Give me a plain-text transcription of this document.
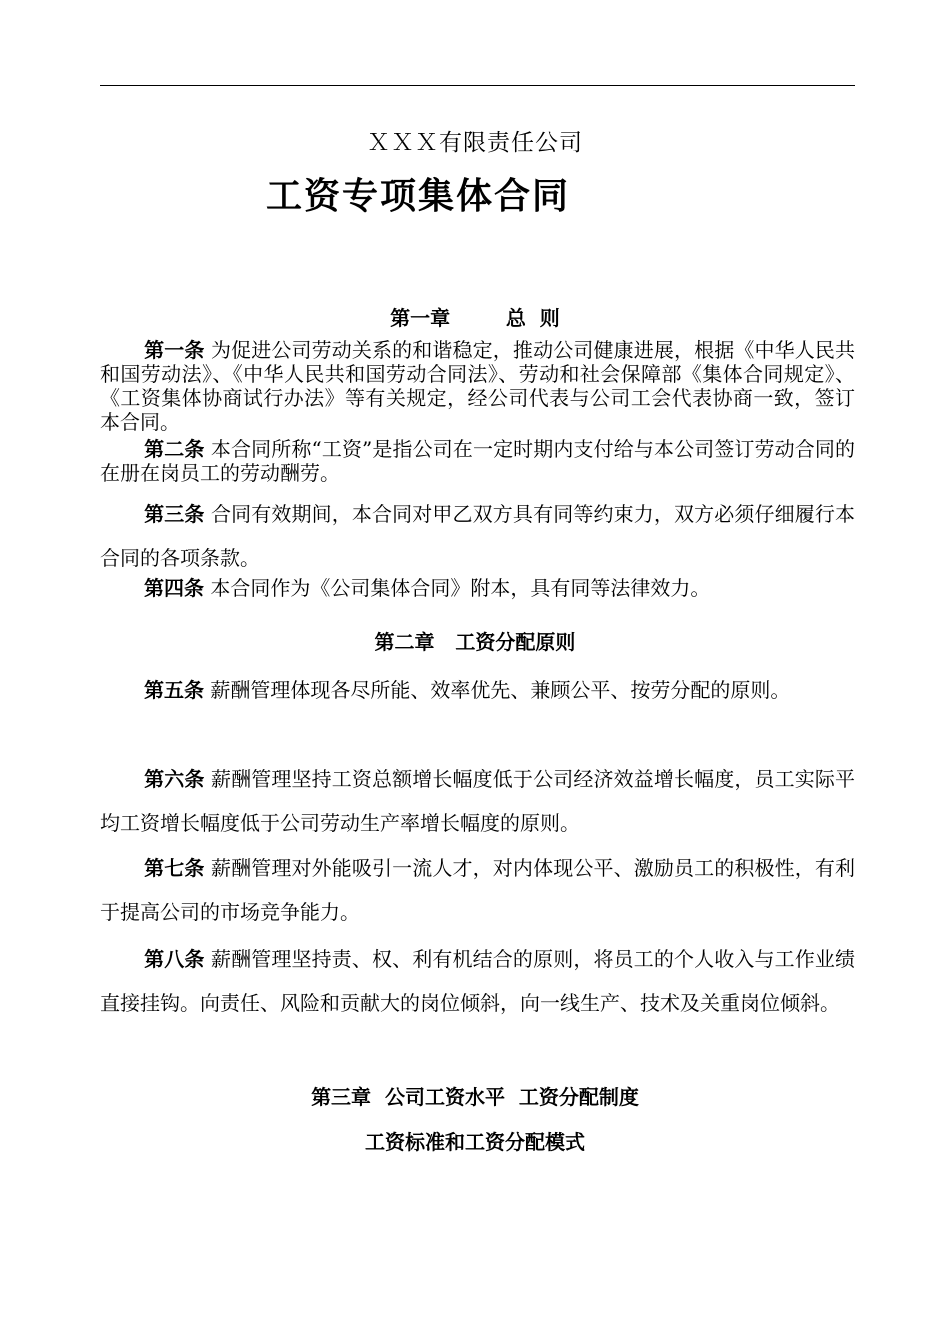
ＸＸＸ有限责任公司
工资专项集体合同
第一章        总  则
第一条 为促进公司劳动关系的和谐稳定，推动公司健康进展，根据《中华人民共和国劳动法》、《中华人民共和国劳动合同法》、劳动和社会保障部《集体合同规定》、《工资集体协商试行办法》等有关规定，经公司代表与公司工会代表协商一致，签订本合同。
第二条 本合同所称“工资”是指公司在一定时期内支付给与本公司签订劳动合同的在册在岗员工的劳动酬劳。
第三条 合同有效期间，本合同对甲乙双方具有同等约束力，双方必须仔细履行本合同的各项条款。
第四条 本合同作为《公司集体合同》附本，具有同等法律效力。
第二章   工资分配原则
第五条 薪酬管理体现各尽所能、效率优先、兼顾公平、按劳分配的原则。
第六条 薪酬管理坚持工资总额增长幅度低于公司经济效益增长幅度，员工实际平均工资增长幅度低于公司劳动生产率增长幅度的原则。
第七条 薪酬管理对外能吸引一流人才，对内体现公平、激励员工的积极性，有利于提高公司的市场竞争能力。
第八条 薪酬管理坚持责、权、利有机结合的原则，将员工的个人收入与工作业绩直接挂钩。向责任、风险和贡献大的岗位倾斜，向一线生产、技术及关重岗位倾斜。
第三章  公司工资水平  工资分配制度
工资标准和工资分配模式
